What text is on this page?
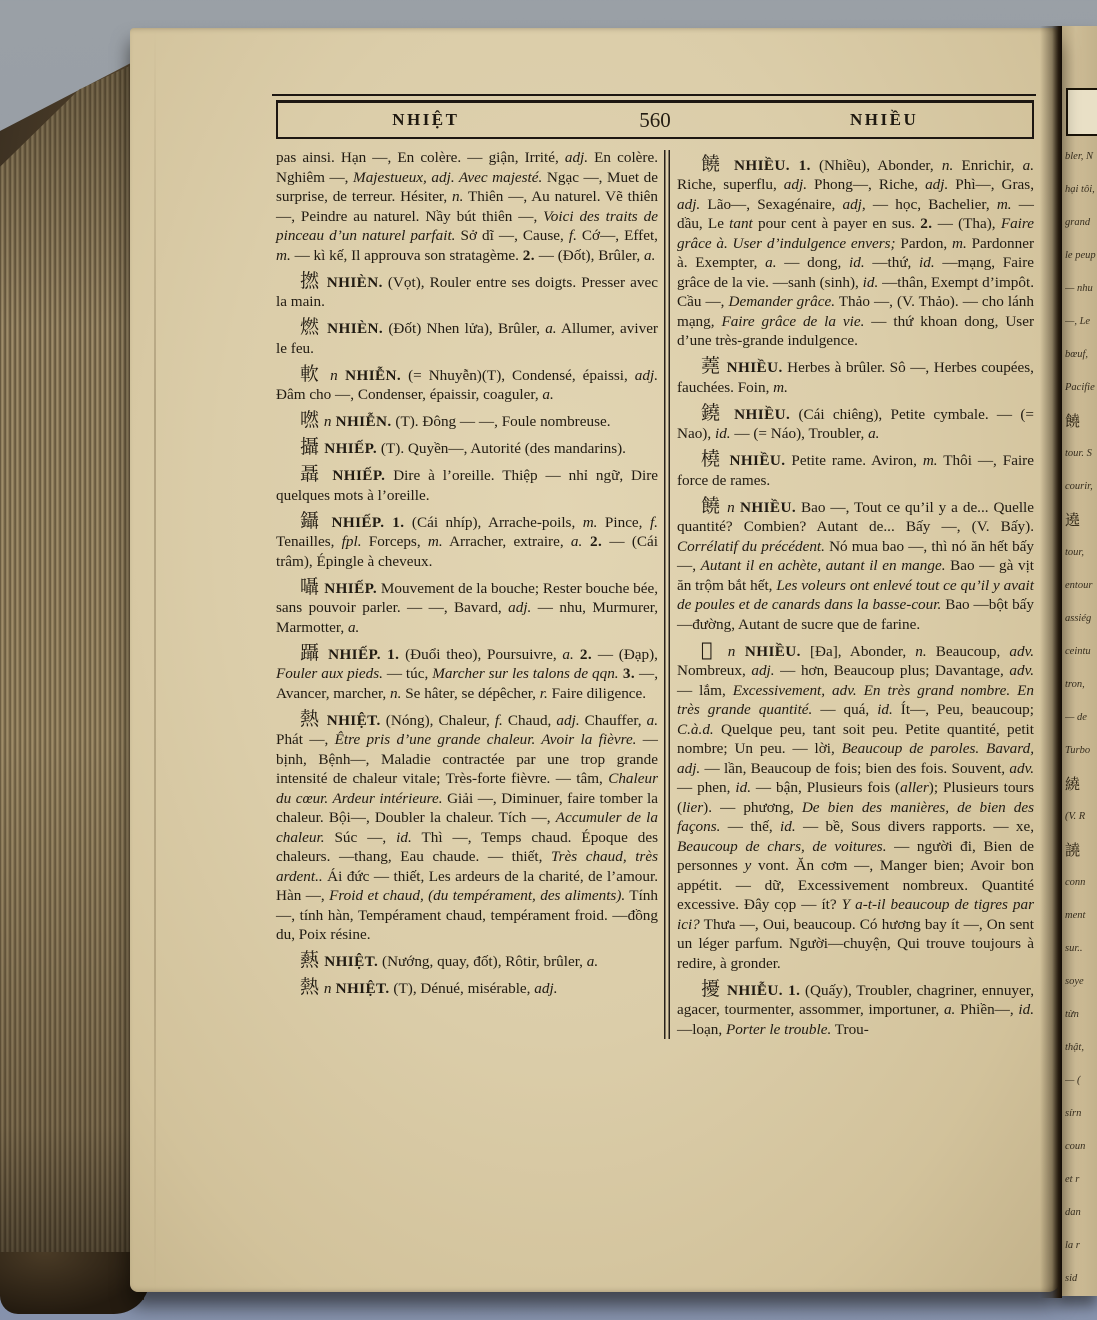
bler, N
hại tôi,
grand
le peup
— nhu
—, Le
bœuf,
Pacifie
饒
tour. S
courir,
遶
tour,
entour
assiég
ceintu
tron,
— de
Turbo
繞
(V. R
譊
conn
ment
sur..
soye
từn
thật,
— (
sírn
coun
et r
dan
la r
sid
NHIỆT	560	NHIỀU

pas ainsi. Hạn —, En colère. — giận, Irrité, adj. En colère. Nghiêm —, Majestueux, adj. Avec majesté. Ngạc —, Muet de surprise, de terreur. Hésiter, n. Thiên —, Au naturel. Vẽ thiên —, Peindre au naturel. Nầy bút thiên —, Voici des traits de pinceau d’un naturel parfait. Sở dĩ —, Cause, f. Cớ—, Effet, m. — kì kế, Il approuva son stratagème. 2. — (Đốt), Brûler, a.

撚 NHIÈN. (Vọt), Rouler entre ses doigts. Presser avec la main.

燃 NHIÈN. (Đốt) Nhen lửa), Brûler, a. Allumer, aviver le feu.

軟 n NHIỄN. (= Nhuyễn)(T), Condensé, épaissi, adj. Đâm cho —, Condenser, épaissir, coaguler, a.

嘫 n NHIỄN. (T). Đông — —, Foule nombreuse.

攝 NHIẾP. (T). Quyền—, Autorité (des mandarins).

聶 NHIẾP. Dire à l’oreille. Thiệp — nhỉ ngữ, Dire quelques mots à l’oreille.

鑷 NHIẾP. 1. (Cái nhíp), Arrache-poils, m. Pince, f. Tenailles, fpl. Forceps, m. Arracher, extraire, a. 2. — (Cái trâm), Épingle à cheveux.

囁 NHIẾP. Mouvement de la bouche; Rester bouche bée, sans pouvoir parler. — —, Bavard, adj. — nhu, Murmurer, Marmotter, a.

躡 NHIẾP. 1. (Đuổi theo), Poursuivre, a. 2. — (Đạp), Fouler aux pieds. — túc, Marcher sur les talons de qqn. 3. —, Avancer, marcher, n. Se hâter, se dépêcher, r. Faire diligence.

熱 NHIỆT. (Nóng), Chaleur, f. Chaud, adj. Chauffer, a. Phát —, Être pris d’une grande chaleur. Avoir la fièvre. —bịnh, Bệnh—, Maladie contractée par une trop grande intensité de chaleur vitale; Très-forte fièvre. — tâm, Chaleur du cœur. Ardeur intérieure. Giải —, Diminuer, faire tomber la chaleur. Bội—, Doubler la chaleur. Tích —, Accumuler de la chaleur. Súc —, id. Thì —, Temps chaud. Époque des chaleurs. —thang, Eau chaude. — thiết, Très chaud, très ardent.. Ái đức — thiết, Les ardeurs de la charité, de l’amour. Hàn —, Froid et chaud, (du tempérament, des aliments). Tính—, tính hàn, Tempérament chaud, tempérament froid. —đồng du, Poix résine.

爇 NHIỆT. (Nướng, quay, đốt), Rôtir, brûler, a.

熱 n NHIỆT. (T), Dénué, misérable, adj.

饒 NHIỀU. 1. (Nhiều), Abonder, n. Enrichir, a. Riche, superflu, adj. Phong—, Riche, adj. Phì—, Gras, adj. Lão—, Sexagénaire, adj, — học, Bachelier, m. — dầu, Le tant pour cent à payer en sus. 2. — (Tha), Faire grâce à. User d’indulgence envers; Pardon, m. Pardonner à. Exempter, a. — dong, id. —thứ, id. —mạng, Faire grâce de la vie. —sanh (sinh), id. —thân, Exempt d’impôt. Cầu —, Demander grâce. Thảo —, (V. Thảo). — cho lánh mạng, Faire grâce de la vie. — thứ khoan dong, User d’une très-grande indulgence.

蕘 NHIỀU. Herbes à brûler. Sô —, Herbes coupées, fauchées. Foin, m.

鐃 NHIỀU. (Cái chiêng), Petite cymbale. — (= Nao), id. — (= Náo), Troubler, a.

橈 NHIỀU. Petite rame. Aviron, m. Thôi —, Faire force de rames.

饒 n NHIỀU. Bao —, Tout ce qu’il y a de... Quelle quantité? Combien? Autant de... Bấy —, (V. Bấy). Corrélatif du précédent. Nó mua bao —, thì nó ăn hết bấy —, Autant il en achète, autant il en mange. Bao — gà vịt ăn trộm bắt hết, Les voleurs ont enlevé tout ce qu’il y avait de poules et de canards dans la basse-cour. Bao —bột bấy—đường, Autant de sucre que de farine.

𡗊 n NHIỀU. [Đa], Abonder, n. Beaucoup, adv. Nombreux, adj. — hơn, Beaucoup plus; Davantage, adv. — lắm, Excessivement, adv. En très grand nombre. En très grande quantité. — quá, id. Ít—, Peu, beaucoup; C.à.d. Quelque peu, tant soit peu. Petite quantité, petit nombre; Un peu. — lời, Beaucoup de paroles. Bavard, adj. — lần, Beaucoup de fois; bien des fois. Souvent, adv. — phen, id. — bận, Plusieurs fois (aller); Plusieurs tours (lier). — phương, De bien des manières, de bien des façons. — thế, id. — bề, Sous divers rapports. — xe, Beaucoup de chars, de voitures. — người đi, Bien de personnes y vont. Ăn cơm —, Manger bien; Avoir bon appétit. — dữ, Excessivement nombreux. Quantité excessive. Đây cọp — ít? Y a-t-il beaucoup de tigres par ici? Thưa —, Oui, beaucoup. Có hương bay ít —, On sent un léger parfum. Người—chuyện, Qui trouve toujours à redire, à gronder.

擾 NHIỄU. 1. (Quấy), Troubler, chagriner, ennuyer, agacer, tourmenter, assommer, importuner, a. Phiền—, id. —loạn, Porter le trouble. Trou-
